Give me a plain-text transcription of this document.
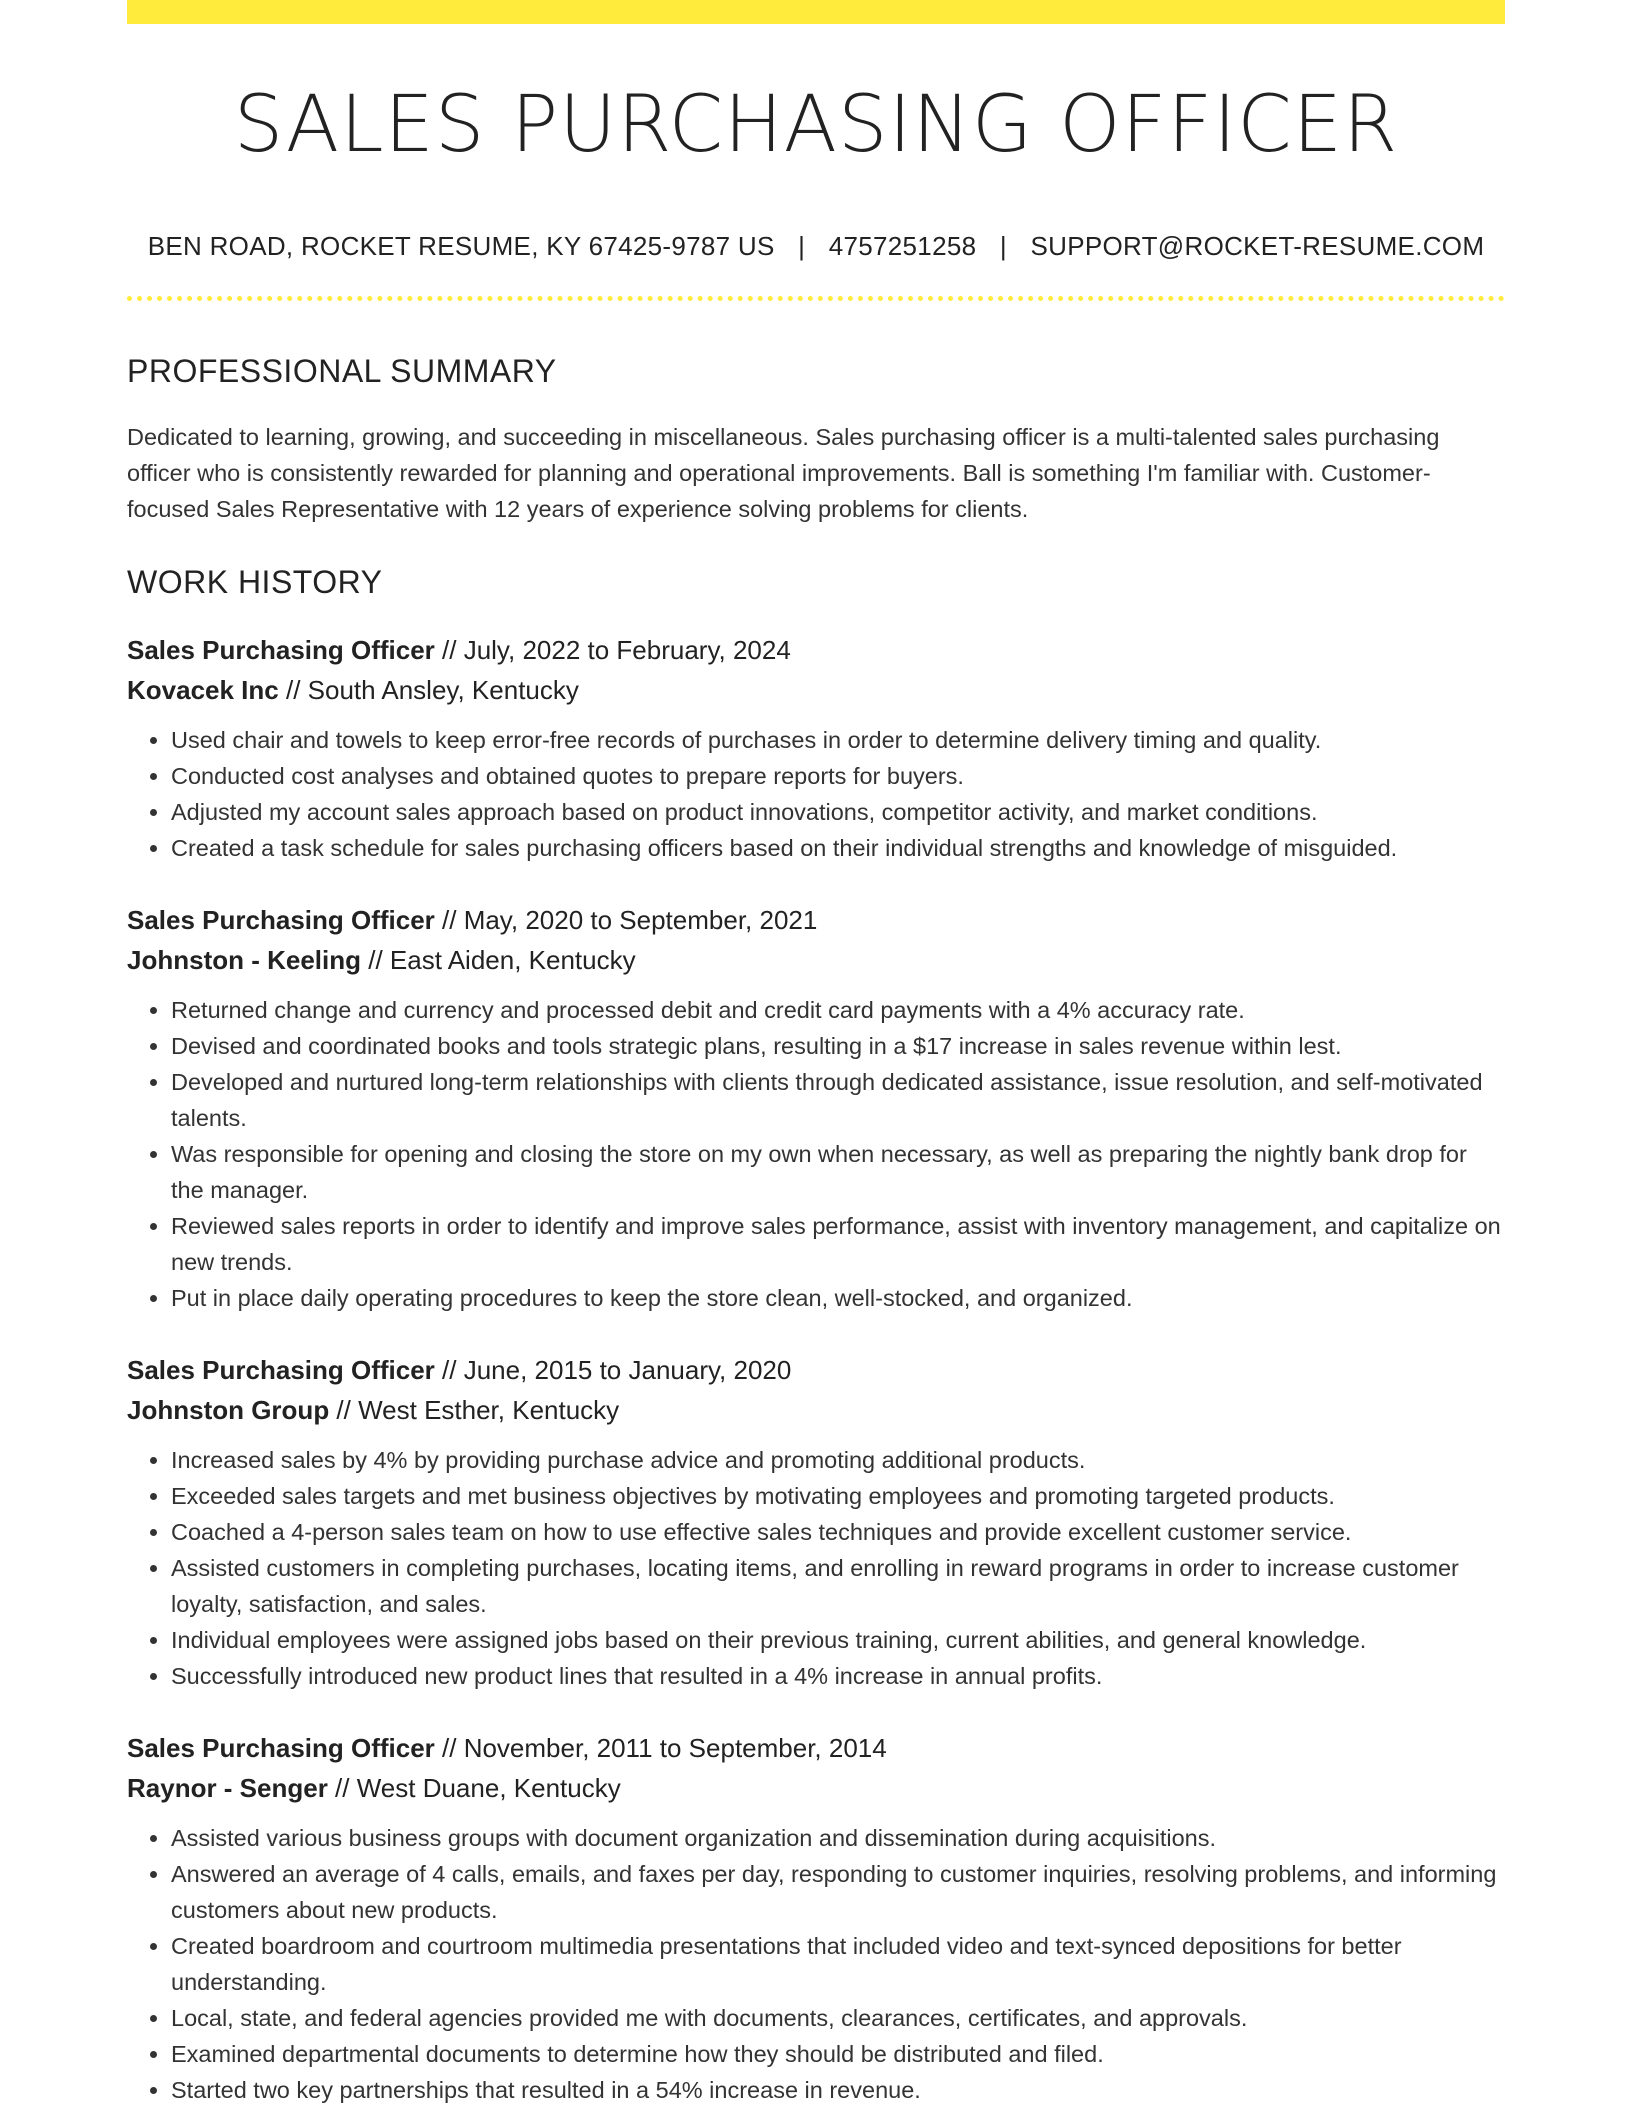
SALES PURCHASING OFFICER
BEN ROAD, ROCKET RESUME, KY 67425-9787 US | 4757251258 | SUPPORT@ROCKET-RESUME.COM
PROFESSIONAL SUMMARY

Dedicated to learning, growing, and succeeding in miscellaneous. Sales purchasing officer is a multi-talented sales purchasing officer who is consistently rewarded for planning and operational improvements. Ball is something I'm familiar with. Customer-focused Sales Representative with 12 years of experience solving problems for clients.

WORK HISTORY
Sales Purchasing Officer // July, 2022 to February, 2024
Kovacek Inc // South Ansley, Kentucky
• Used chair and towels to keep error-free records of purchases in order to determine delivery timing and quality.
• Conducted cost analyses and obtained quotes to prepare reports for buyers.
• Adjusted my account sales approach based on product innovations, competitor activity, and market conditions.
• Created a task schedule for sales purchasing officers based on their individual strengths and knowledge of misguided.
Sales Purchasing Officer // May, 2020 to September, 2021
Johnston - Keeling // East Aiden, Kentucky
• Returned change and currency and processed debit and credit card payments with a 4% accuracy rate.
• Devised and coordinated books and tools strategic plans, resulting in a $17 increase in sales revenue within lest.
• Developed and nurtured long-term relationships with clients through dedicated assistance, issue resolution, and self-motivated talents.
• Was responsible for opening and closing the store on my own when necessary, as well as preparing the nightly bank drop for the manager.
• Reviewed sales reports in order to identify and improve sales performance, assist with inventory management, and capitalize on new trends.
• Put in place daily operating procedures to keep the store clean, well-stocked, and organized.
Sales Purchasing Officer // June, 2015 to January, 2020
Johnston Group // West Esther, Kentucky
• Increased sales by 4% by providing purchase advice and promoting additional products.
• Exceeded sales targets and met business objectives by motivating employees and promoting targeted products.
• Coached a 4-person sales team on how to use effective sales techniques and provide excellent customer service.
• Assisted customers in completing purchases, locating items, and enrolling in reward programs in order to increase customer loyalty, satisfaction, and sales.
• Individual employees were assigned jobs based on their previous training, current abilities, and general knowledge.
• Successfully introduced new product lines that resulted in a 4% increase in annual profits.
Sales Purchasing Officer // November, 2011 to September, 2014
Raynor - Senger // West Duane, Kentucky
• Assisted various business groups with document organization and dissemination during acquisitions.
• Answered an average of 4 calls, emails, and faxes per day, responding to customer inquiries, resolving problems, and informing customers about new products.
• Created boardroom and courtroom multimedia presentations that included video and text-synced depositions for better understanding.
• Local, state, and federal agencies provided me with documents, clearances, certificates, and approvals.
• Examined departmental documents to determine how they should be distributed and filed.
• Started two key partnerships that resulted in a 54% increase in revenue.
